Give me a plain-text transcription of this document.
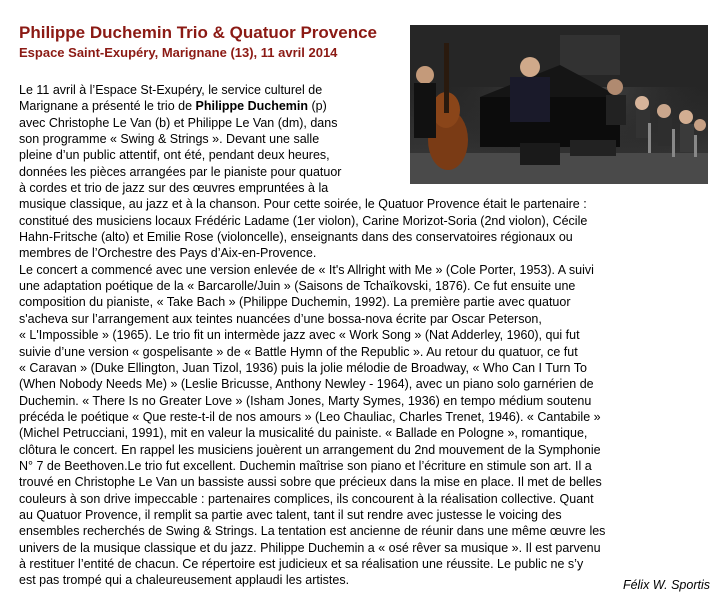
Philippe Duchemin Trio & Quatuor Provence
Espace Saint-Exupéry, Marignane (13), 11 avril 2014
Le 11 avril à l’Espace St-Exupéry, le service culturel de
Marignane a présenté le trio de Philippe Duchemin (p)
avec Christophe Le Van (b) et Philippe Le Van (dm), dans
son programme « Swing & Strings ». Devant une salle
pleine d’un public attentif, ont été, pendant deux heures,
données les pièces arrangées par le pianiste pour quatuor
à cordes et trio de jazz sur des œuvres empruntées à la
musique classique, au jazz et à la chanson. Pour cette soirée, le Quatuor Provence était le partenaire :
constitué des musiciens locaux Frédéric Ladame (1er violon), Carine Morizot-Soria (2nd violon), Cécile
Hahn-Fritsche (alto) et Emilie Rose (violoncelle), enseignants dans des conservatoires régionaux ou
membres de l’Orchestre des Pays d’Aix-en-Provence.
Le concert a commencé avec une version enlevée de « It's Allright with Me » (Cole Porter, 1953). A suivi
une adaptation poétique de la « Barcarolle/Juin » (Saisons de Tchaïkovski, 1876). Ce fut ensuite une
composition du pianiste, « Take Bach » (Philippe Duchemin, 1992). La première partie avec quatuor
s'acheva sur l’arrangement aux teintes nuancées d’une bossa-nova écrite par Oscar Peterson,
« L'Impossible » (1965). Le trio fit un intermède jazz avec « Work Song » (Nat Adderley, 1960), qui fut
suivie d’une version « gospelisante » de « Battle Hymn of the Republic ». Au retour du quatuor, ce fut
« Caravan » (Duke Ellington, Juan Tizol, 1936) puis la jolie mélodie de Broadway, « Who Can I Turn To
(When Nobody Needs Me) » (Leslie Bricusse, Anthony Newley - 1964), avec un piano solo garnérien de
Duchemin. « There Is no Greater Love » (Isham Jones, Marty Symes, 1936) en tempo médium soutenu
précéda le poétique « Que reste-t-il de nos amours » (Leo Chauliac, Charles Trenet, 1946). « Cantabile »
(Michel Petrucciani, 1991), mit en valeur la musicalité du painiste. « Ballade en Pologne », romantique,
clôtura le concert. En rappel les musiciens jouèrent un arrangement du 2nd mouvement de la Symphonie
N° 7 de Beethoven.Le trio fut excellent. Duchemin maîtrise son piano et l’écriture en stimule son art. Il a
trouvé en Christophe Le Van un bassiste aussi sobre que précieux dans la mise en place. Il met de belles
couleurs à son drive impeccable : partenaires complices, ils concourent à la réalisation collective. Quant
au Quatuor Provence, il remplit sa partie avec talent, tant il sut rendre avec justesse le voicing des
ensembles recherchés de Swing & Strings. La tentation est ancienne de réunir dans une même œuvre les
univers de la musique classique et du jazz. Philippe Duchemin a « osé rêver sa musique ». Il est parvenu
à restituer l’entité de chacun. Ce répertoire est judicieux et sa réalisation une réussite. Le public ne s’y
est pas trompé qui a chaleureusement applaudi les artistes.	Félix W. Sportis
